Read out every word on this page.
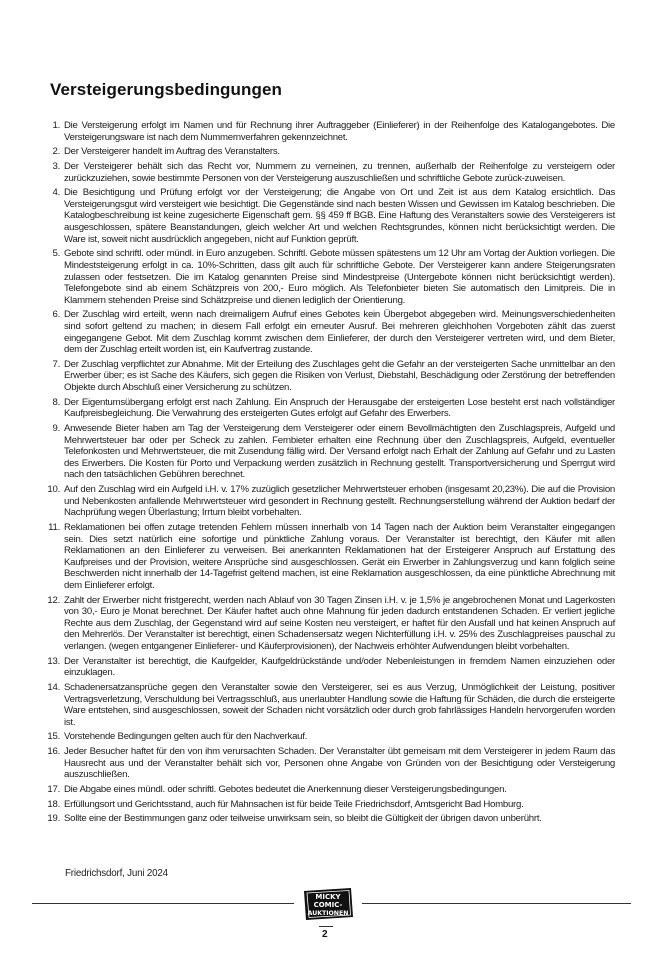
Versteigerungsbedingungen
1. Die Versteigerung erfolgt im Namen und für Rechnung ihrer Auftraggeber (Einlieferer) in der Reihenfolge des Katalogangebotes. Die Versteigerungsware ist nach dem Nummernverfahren gekennzeichnet.
2. Der Versteigerer handelt im Auftrag des Veranstalters.
3. Der Versteigerer behält sich das Recht vor, Nummern zu verneinen, zu trennen, außerhalb der Reihenfolge zu versteigern oder zurückzuziehen, sowie bestimmte Personen von der Versteigerung auszuschließen und schriftliche Gebote zurück-zuweisen.
4. Die Besichtigung und Prüfung erfolgt vor der Versteigerung; die Angabe von Ort und Zeit ist aus dem Katalog ersichtlich. Das Versteigerungsgut wird versteigert wie besichtigt. Die Gegenstände sind nach besten Wissen und Gewissen im Katalog beschrieben. Die Katalogbeschreibung ist keine zugesicherte Eigenschaft gem. §§ 459 ff BGB. Eine Haftung des Veranstalters sowie des Versteigerers ist ausgeschlossen, spätere Beanstandungen, gleich welcher Art und welchen Rechtsgrundes, können nicht berücksichtigt werden. Die Ware ist, soweit nicht ausdrücklich angegeben, nicht auf Funktion geprüft.
5. Gebote sind schriftl. oder mündl. in Euro anzugeben. Schriftl. Gebote müssen spätestens um 12 Uhr am Vortag der Auktion vorliegen. Die Mindeststeigerung erfolgt in ca. 10%-Schritten, dass gilt auch für schriftliche Gebote. Der Versteigerer kann andere Steigerungsraten zulassen oder festsetzen. Die im Katalog genannten Preise sind Mindestpreise (Untergebote können nicht berücksichtigt werden). Telefongebote sind ab einem Schätzpreis von 200,- Euro möglich. Als Telefonbieter bieten Sie automatisch den Limitpreis. Die in Klammern stehenden Preise sind Schätzpreise und dienen lediglich der Orientierung.
6. Der Zuschlag wird erteilt, wenn nach dreimaligem Aufruf eines Gebotes kein Übergebot abgegeben wird. Meinungsverschiedenheiten sind sofort geltend zu machen; in diesem Fall erfolgt ein erneuter Ausruf. Bei mehreren gleichhohen Vorgeboten zählt das zuerst eingegangene Gebot. Mit dem Zuschlag kommt zwischen dem Einlieferer, der durch den Versteigerer vertreten wird, und dem Bieter, dem der Zuschlag erteilt worden ist, ein Kaufvertrag zustande.
7. Der Zuschlag verpflichtet zur Abnahme. Mit der Erteilung des Zuschlages geht die Gefahr an der versteigerten Sache unmittelbar an den Erwerber über; es ist Sache des Käufers, sich gegen die Risiken von Verlust, Diebstahl, Beschädigung oder Zerstörung der betreffenden Objekte durch Abschluß einer Versicherung zu schützen.
8. Der Eigentumsübergang erfolgt erst nach Zahlung. Ein Anspruch der Herausgabe der ersteigerten Lose besteht erst nach vollständiger Kaufpreisbegleichung. Die Verwahrung des ersteigerten Gutes erfolgt auf Gefahr des Erwerbers.
9. Anwesende Bieter haben am Tag der Versteigerung dem Versteigerer oder einem Bevollmächtigten den Zuschlagspreis, Aufgeld und Mehrwertsteuer bar oder per Scheck zu zahlen. Fernbieter erhalten eine Rechnung über den Zuschlagspreis, Aufgeld, eventueller Telefonkosten und Mehrwertsteuer, die mit Zusendung fällig wird. Der Versand erfolgt nach Erhalt der Zahlung auf Gefahr und zu Lasten des Erwerbers. Die Kosten für Porto und Verpackung werden zusätzlich in Rechnung gestellt. Transportversicherung und Sperrgut wird nach den tatsächlichen Gebühren berechnet.
10. Auf den Zuschlag wird ein Aufgeld i.H. v. 17% zuzüglich gesetzlicher Mehrwertsteuer erhoben (insgesamt 20,23%). Die auf die Provision und Nebenkosten anfallende Mehrwertsteuer wird gesondert in Rechnung gestellt. Rechnungserstellung während der Auktion bedarf der Nachprüfung wegen Überlastung; Irrtum bleibt vorbehalten.
11. Reklamationen bei offen zutage tretenden Fehlern müssen innerhalb von 14 Tagen nach der Auktion beim Veranstalter eingegangen sein. Dies setzt natürlich eine sofortige und pünktliche Zahlung voraus. Der Veranstalter ist berechtigt, den Käufer mit allen Reklamationen an den Einlieferer zu verweisen. Bei anerkannten Reklamationen hat der Ersteigerer Anspruch auf Erstattung des Kaufpreises und der Provision, weitere Ansprüche sind ausgeschlossen. Gerät ein Erwerber in Zahlungsverzug und kann folglich seine Beschwerden nicht innerhalb der 14-Tagefrist geltend machen, ist eine Reklamation ausgeschlossen, da eine pünktliche Abrechnung mit dem Einlieferer erfolgt.
12. Zahlt der Erwerber nicht fristgerecht, werden nach Ablauf von 30 Tagen Zinsen i.H. v. je 1,5% je angebrochenen Monat und Lagerkosten von 30,- Euro je Monat berechnet. Der Käufer haftet auch ohne Mahnung für jeden dadurch entstandenen Schaden. Er verliert jegliche Rechte aus dem Zuschlag, der Gegenstand wird auf seine Kosten neu versteigert, er haftet für den Ausfall und hat keinen Anspruch auf den Mehrerlös. Der Veranstalter ist berechtigt, einen Schadensersatz wegen Nichterfüllung i.H. v. 25% des Zuschlagpreises pauschal zu verlangen. (wegen entgangener Einlieferer- und Käuferprovisionen), der Nachweis erhöhter Aufwendungen bleibt vorbehalten.
13. Der Veranstalter ist berechtigt, die Kaufgelder, Kaufgeldrückstände und/oder Nebenleistungen in fremdem Namen einzuziehen oder einzuklagen.
14. Schadenersatzansprüche gegen den Veranstalter sowie den Versteigerer, sei es aus Verzug, Unmöglichkeit der Leistung, positiver Vertragsverletzung, Verschuldung bei Vertragsschluß, aus unerlaubter Handlung sowie die Haftung für Schäden, die durch die ersteigerte Ware entstehen, sind ausgeschlossen, soweit der Schaden nicht vorsätzlich oder durch grob fahrlässiges Handeln hervorgerufen worden ist.
15. Vorstehende Bedingungen gelten auch für den Nachverkauf.
16. Jeder Besucher haftet für den von ihm verursachten Schaden. Der Veranstalter übt gemeisam mit dem Versteigerer in jedem Raum das Hausrecht aus und der Veranstalter behält sich vor, Personen ohne Angabe von Gründen von der Besichtigung oder Versteigerung auszuschließen.
17. Die Abgabe eines mündl. oder schriftl. Gebotes bedeutet die Anerkennung dieser Versteigerungsbedingungen.
18. Erfüllungsort und Gerichtsstand, auch für Mahnsachen ist für beide Teile Friedrichsdorf, Amtsgericht Bad Homburg.
19. Sollte eine der Bestimmungen ganz oder teilweise unwirksam sein, so bleibt die Gültigkeit der übrigen davon unberührt.
Friedrichsdorf, Juni 2024
MICKY
COMIC-
AUKTIONEN
2
